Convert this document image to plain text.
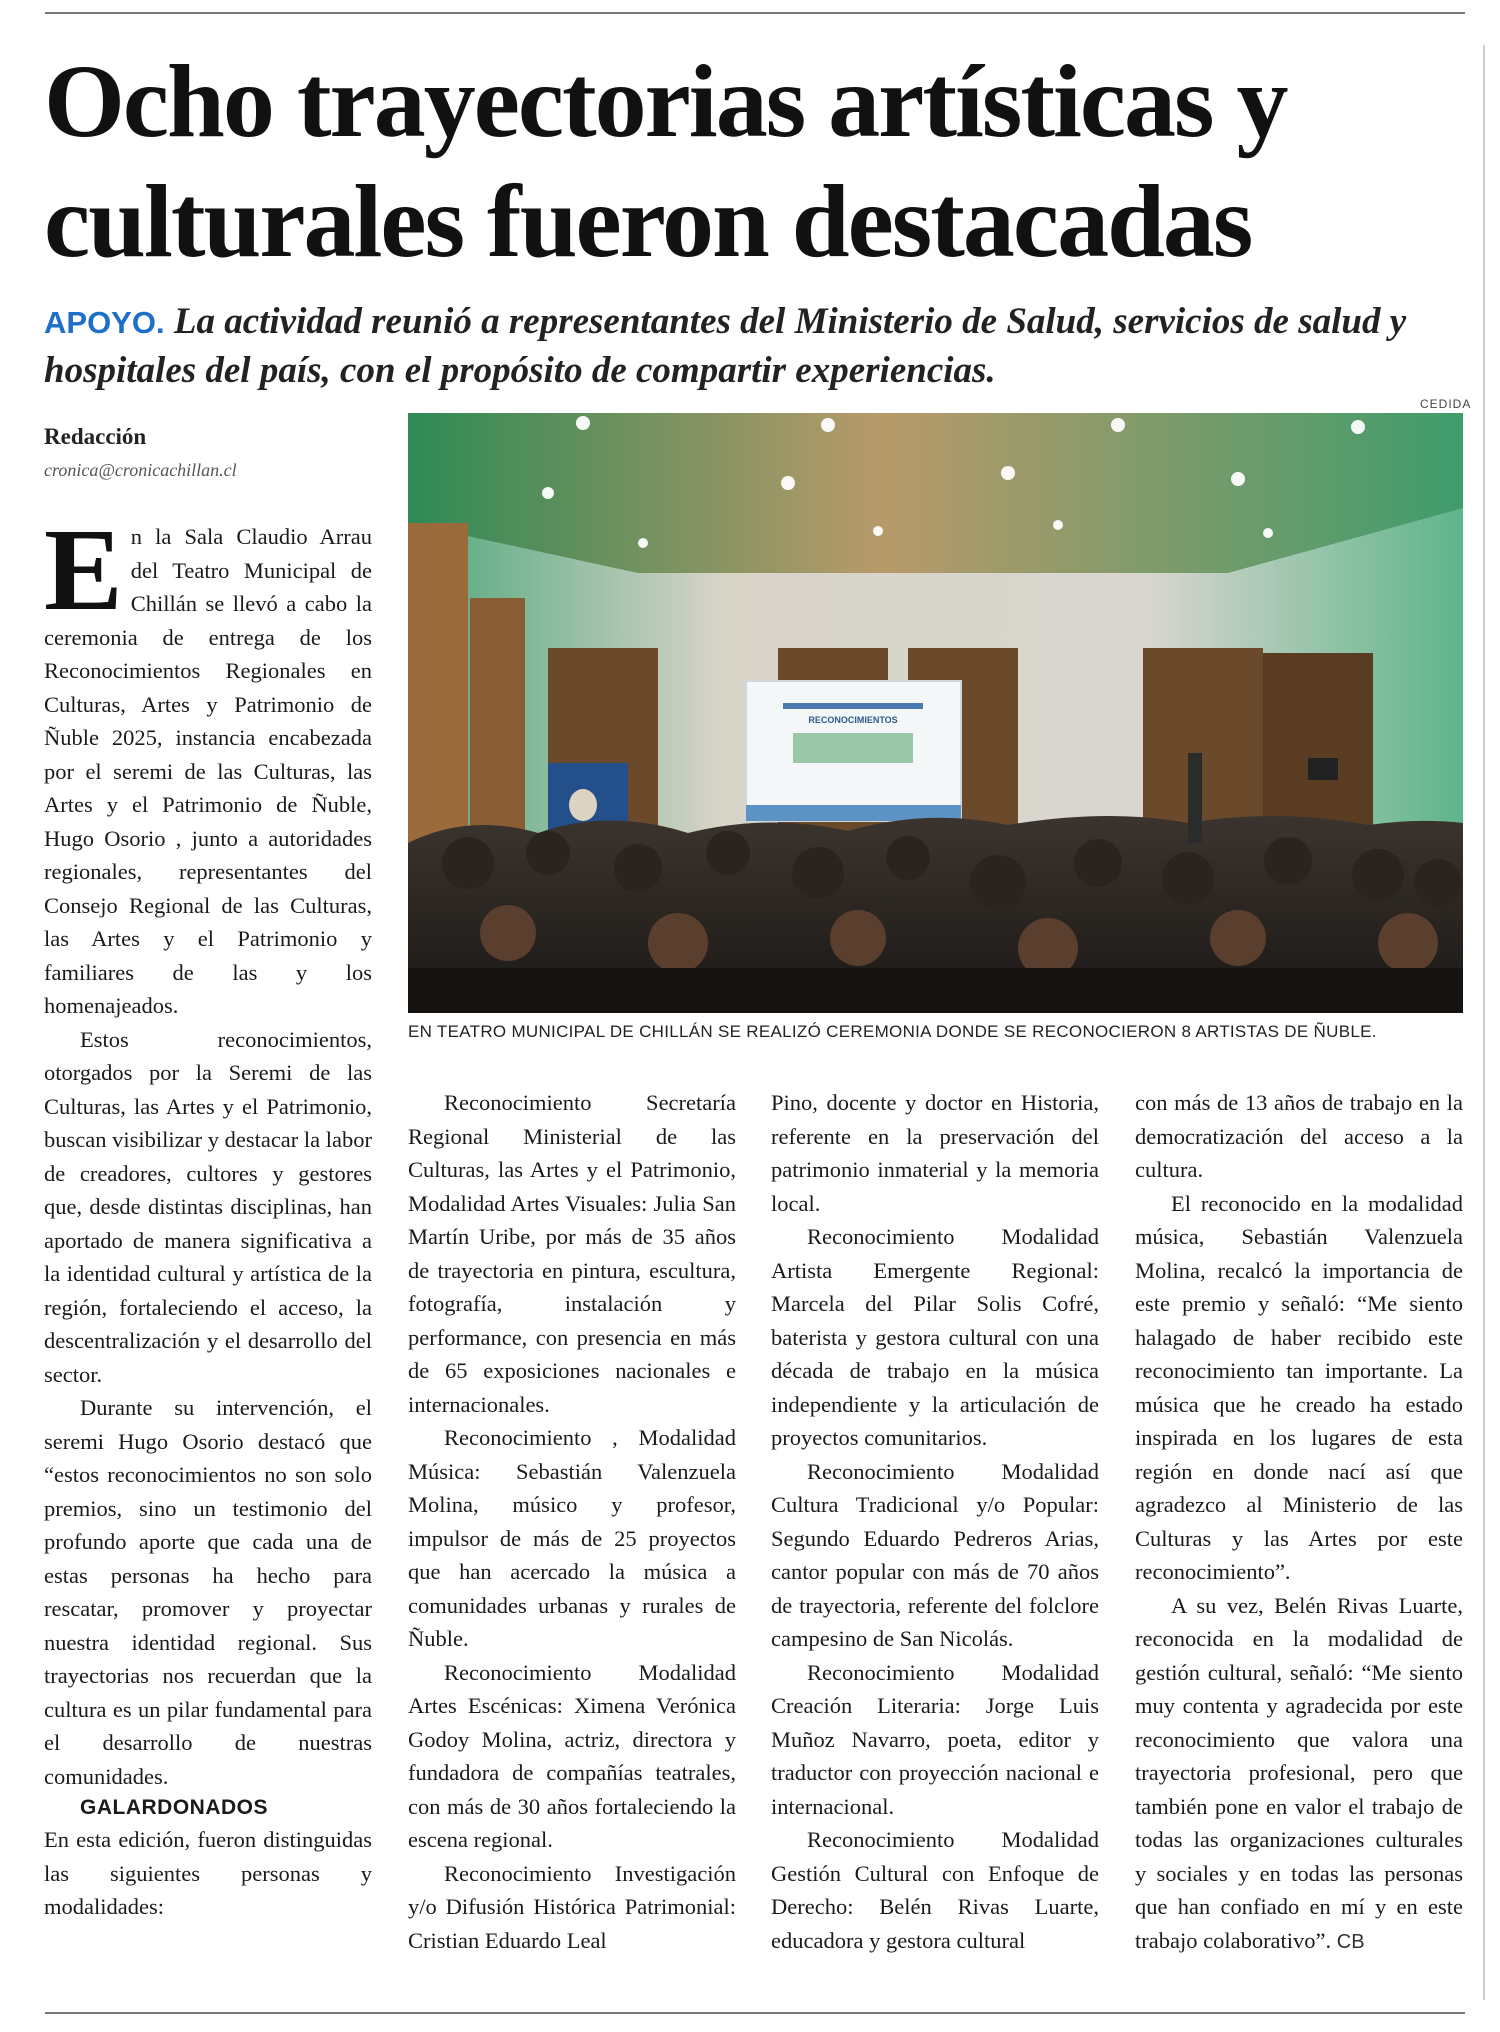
Ocho trayectorias artísticas y culturales fueron destacadas

APOYO. La actividad reunió a representantes del Ministerio de Salud, servicios de salud y hospitales del país, con el propósito de compartir experiencias.

CEDIDA
Redacción
cronica@cronicachillan.cl
RECONOCIMIENTOS
EN TEATRO MUNICIPAL DE CHILLÁN SE REALIZÓ CEREMONIA DONDE SE RECONOCIERON 8 ARTISTAS DE ÑUBLE.

En la Sala Claudio Arrau del Teatro Municipal de Chillán se llevó a cabo la ceremonia de entrega de los Reconocimientos Regionales en Culturas, Artes y Patrimonio de Ñuble 2025, instancia encabezada por el seremi de las Culturas, las Artes y el Patrimonio de Ñuble, Hugo Osorio , junto a autoridades regionales, representantes del Consejo Regional de las Culturas, las Artes y el Patrimonio y familiares de las y los homenajeados.

Estos reconocimientos, otorgados por la Seremi de las Culturas, las Artes y el Patrimonio, buscan visibilizar y destacar la labor de creadores, cultores y gestores que, desde distintas disciplinas, han aportado de manera significativa a la identidad cultural y artística de la región, fortaleciendo el acceso, la descentralización y el desarrollo del sector.

Durante su intervención, el seremi Hugo Osorio destacó que “estos reconocimientos no son solo premios, sino un testimonio del profundo aporte que cada una de estas personas ha hecho para rescatar, promover y proyectar nuestra identidad regional. Sus trayectorias nos recuerdan que la cultura es un pilar fundamental para el desarrollo de nuestras comunidades.

GALARDONADOS

En esta edición, fueron distinguidas las siguientes personas y modalidades:

Reconocimiento Secretaría Regional Ministerial de las Culturas, las Artes y el Patrimonio, Modalidad Artes Visuales: Julia San Martín Uribe, por más de 35 años de trayectoria en pintura, escultura, fotografía, instalación y performance, con presencia en más de 65 exposiciones nacionales e internacionales.

Reconocimiento , Modalidad Música: Sebastián Valenzuela Molina, músico y profesor, impulsor de más de 25 proyectos que han acercado la música a comunidades urbanas y rurales de Ñuble.

Reconocimiento Modalidad Artes Escénicas: Ximena Verónica Godoy Molina, actriz, directora y fundadora de compañías teatrales, con más de 30 años fortaleciendo la escena regional.

Reconocimiento Investigación y/o Difusión Histórica Patrimonial: Cristian Eduardo Leal

Pino, docente y doctor en Historia, referente en la preservación del patrimonio inmaterial y la memoria local.

Reconocimiento Modalidad Artista Emergente Regional: Marcela del Pilar Solis Cofré, baterista y gestora cultural con una década de trabajo en la música independiente y la articulación de proyectos comunitarios.

Reconocimiento Modalidad Cultura Tradicional y/o Popular: Segundo Eduardo Pedreros Arias, cantor popular con más de 70 años de trayectoria, referente del folclore campesino de San Nicolás.

Reconocimiento Modalidad Creación Literaria: Jorge Luis Muñoz Navarro, poeta, editor y traductor con proyección nacional e internacional.

Reconocimiento Modalidad Gestión Cultural con Enfoque de Derecho: Belén Rivas Luarte, educadora y gestora cultural

con más de 13 años de trabajo en la democratización del acceso a la cultura.

El reconocido en la modalidad música, Sebastián Valenzuela Molina, recalcó la importancia de este premio y señaló: “Me siento halagado de haber recibido este reconocimiento tan importante. La música que he creado ha estado inspirada en los lugares de esta región en donde nací así que agradezco al Ministerio de las Culturas y las Artes por este reconocimiento”.

A su vez, Belén Rivas Luarte, reconocida en la modalidad de gestión cultural, señaló: “Me siento muy contenta y agradecida por este reconocimiento que valora una trayectoria profesional, pero que también pone en valor el trabajo de todas las organizaciones culturales y sociales y en todas las personas que han confiado en mí y en este trabajo colaborativo”. CB
